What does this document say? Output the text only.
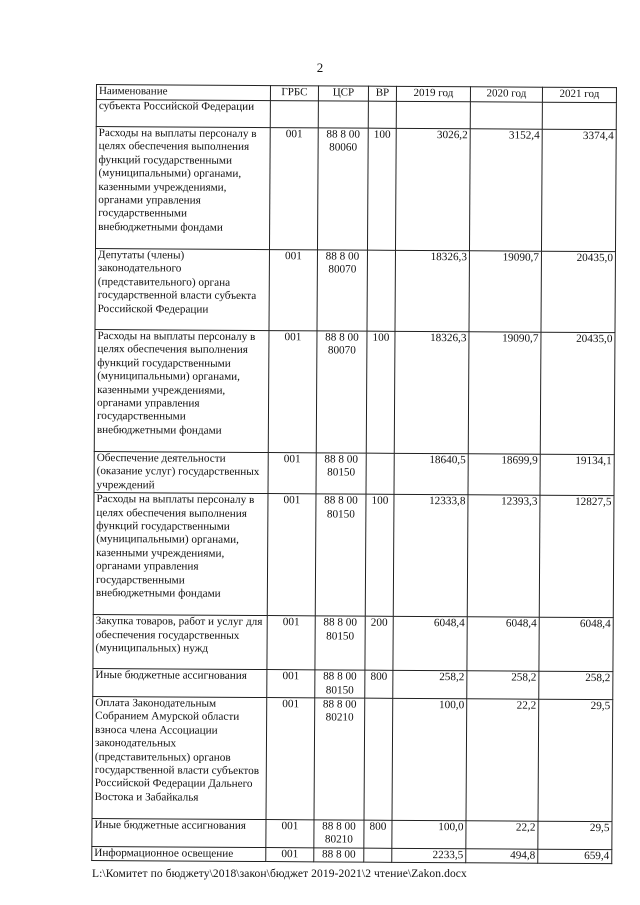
2
Наименование	ГРБС	ЦСР	ВР	2019 год	2020 год	2021 год
субъекта Российской Федерации						
Расходы на выплаты персоналу в целях обеспечения выполнения функций государственными (муниципальными) органами, казенными учреждениями, органами управления государственными внебюджетными фондами	001	88 8 00 80060	100	3026,2	3152,4	3374,4
Депутаты (члены) законодательного (представительного) органа государственной власти субъекта Российской Федерации	001	88 8 00 80070		18326,3	19090,7	20435,0
Расходы на выплаты персоналу в целях обеспечения выполнения функций государственными (муниципальными) органами, казенными учреждениями, органами управления государственными внебюджетными фондами	001	88 8 00 80070	100	18326,3	19090,7	20435,0
Обеспечение деятельности (оказание услуг) государственных учреждений	001	88 8 00 80150		18640,5	18699,9	19134,1
Расходы на выплаты персоналу в целях обеспечения выполнения функций государственными (муниципальными) органами, казенными учреждениями, органами управления государственными внебюджетными фондами	001	88 8 00 80150	100	12333,8	12393,3	12827,5
Закупка товаров, работ и услуг для обеспечения государственных (муниципальных) нужд	001	88 8 00 80150	200	6048,4	6048,4	6048,4
Иные бюджетные ассигнования	001	88 8 00 80150	800	258,2	258,2	258,2
Оплата Законодательным Собранием Амурской области взноса члена Ассоциации законодательных (представительных) органов государственной власти субъектов Российской Федерации Дальнего Востока и Забайкалья	001	88 8 00 80210		100,0	22,2	29,5
Иные бюджетные ассигнования	001	88 8 00 80210	800	100,0	22,2	29,5
Информационное освещение	001	88 8 00		2233,5	494,8	659,4
L:\Комитет по бюджету\2018\закон\бюджет 2019-2021\2 чтение\Zakon.docx
